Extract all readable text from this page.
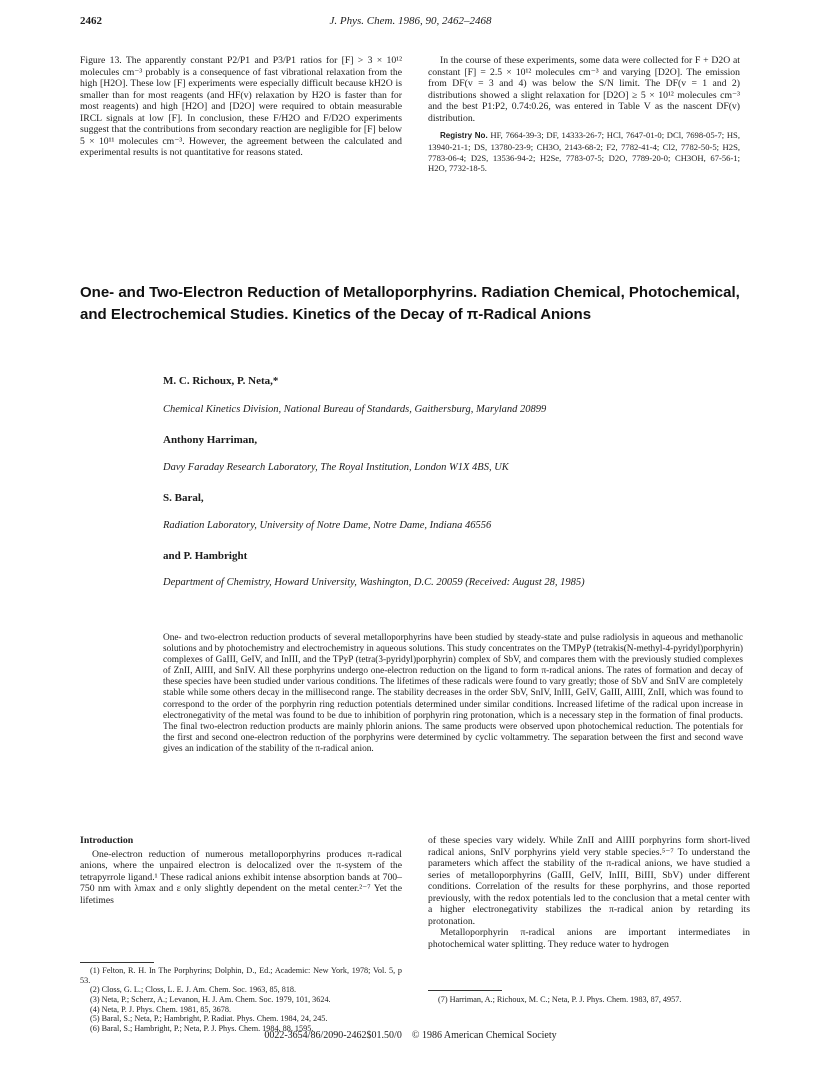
2462	J. Phys. Chem. 1986, 90, 2462–2468

Figure 13. The apparently constant P2/P1 and P3/P1 ratios for [F] > 3 × 10¹² molecules cm⁻³ probably is a consequence of fast vibrational relaxation from the high [H2O]. These low [F] experiments were especially difficult because kH2O is smaller than for most reagents (and HF(v) relaxation by H2O is faster than for most reagents) and high [H2O] and [D2O] were required to obtain measurable IRCL signals at low [F]. In conclusion, these F/H2O and F/D2O experiments suggest that the contributions from secondary reaction are negligible for [F] below 5 × 10¹¹ molecules cm⁻³. However, the agreement between the calculated and experimental results is not quantitative for reasons stated.

In the course of these experiments, some data were collected for F + D2O at constant [F] = 2.5 × 10¹² molecules cm⁻³ and varying [D2O]. The emission from DF(v = 3 and 4) was below the S/N limit. The DF(v = 1 and 2) distributions showed a slight relaxation for [D2O] ≥ 5 × 10¹² molecules cm⁻³ and the best P1:P2, 0.74:0.26, was entered in Table V as the nascent DF(v) distribution.

Registry No. HF, 7664-39-3; DF, 14333-26-7; HCl, 7647-01-0; DCl, 7698-05-7; HS, 13940-21-1; DS, 13780-23-9; CH3O, 2143-68-2; F2, 7782-41-4; Cl2, 7782-50-5; H2S, 7783-06-4; D2S, 13536-94-2; H2Se, 7783-07-5; D2O, 7789-20-0; CH3OH, 67-56-1; H2O, 7732-18-5.

One- and Two-Electron Reduction of Metalloporphyrins. Radiation Chemical, Photochemical, and Electrochemical Studies. Kinetics of the Decay of π-Radical Anions
M. C. Richoux, P. Neta,*
Chemical Kinetics Division, National Bureau of Standards, Gaithersburg, Maryland 20899
Anthony Harriman,
Davy Faraday Research Laboratory, The Royal Institution, London W1X 4BS, UK
S. Baral,
Radiation Laboratory, University of Notre Dame, Notre Dame, Indiana 46556
and P. Hambright
Department of Chemistry, Howard University, Washington, D.C. 20059 (Received: August 28, 1985)

One- and two-electron reduction products of several metalloporphyrins have been studied by steady-state and pulse radiolysis in aqueous and methanolic solutions and by photochemistry and electrochemistry in aqueous solutions. This study concentrates on the TMPyP (tetrakis(N-methyl-4-pyridyl)porphyrin) complexes of GaIII, GeIV, and InIII, and the TPyP (tetra(3-pyridyl)porphyrin) complex of SbV, and compares them with the previously studied complexes of ZnII, AlIII, and SnIV. All these porphyrins undergo one-electron reduction on the ligand to form π-radical anions. The rates of formation and decay of these species have been studied under various conditions. The lifetimes of these radicals were found to vary greatly; those of SbV and SnIV are completely stable while some others decay in the millisecond range. The stability decreases in the order SbV, SnIV, InIII, GeIV, GaIII, AlIII, ZnII, which was found to correspond to the order of the porphyrin ring reduction potentials determined under similar conditions. Increased lifetime of the radical upon increase in electronegativity of the metal was found to be due to inhibition of porphyrin ring protonation, which is a necessary step in the formation of final products. The final two-electron reduction products are mainly phlorin anions. The same products were observed upon photochemical reduction. The potentials for the first and second one-electron reduction of the porphyrins were determined by cyclic voltammetry. The separation between the first and second wave gives an indication of the stability of the π-radical anion.

Introduction

One-electron reduction of numerous metalloporphyrins produces π-radical anions, where the unpaired electron is delocalized over the π-system of the tetrapyrrole ligand.¹ These radical anions exhibit intense absorption bands at 700–750 nm with λmax and ε only slightly dependent on the metal center.²⁻⁷ Yet the lifetimes

of these species vary widely. While ZnII and AlIII porphyrins form short-lived radical anions, SnIV porphyrins yield very stable species.⁵⁻⁷ To understand the parameters which affect the stability of the π-radical anions, we have studied a series of metalloporphyrins (GaIII, GeIV, InIII, BiIII, SbV) under different conditions. Correlation of the results for these porphyrins, and those reported previously, with the redox potentials led to the conclusion that a metal center with a higher electronegativity stabilizes the π-radical anion by retarding its protonation.

Metalloporphyrin π-radical anions are important intermediates in photochemical water splitting. They reduce water to hydrogen

(1) Felton, R. H. In The Porphyrins; Dolphin, D., Ed.; Academic: New York, 1978; Vol. 5, p 53.

(2) Closs, G. L.; Closs, L. E. J. Am. Chem. Soc. 1963, 85, 818.

(3) Neta, P.; Scherz, A.; Levanon, H. J. Am. Chem. Soc. 1979, 101, 3624.

(4) Neta, P. J. Phys. Chem. 1981, 85, 3678.

(5) Baral, S.; Neta, P.; Hambright, P. Radiat. Phys. Chem. 1984, 24, 245.

(6) Baral, S.; Hambright, P.; Neta, P. J. Phys. Chem. 1984, 88, 1595.

(7) Harriman, A.; Richoux, M. C.; Neta, P. J. Phys. Chem. 1983, 87, 4957.

0022-3654/86/2090-2462$01.50/0 © 1986 American Chemical Society
